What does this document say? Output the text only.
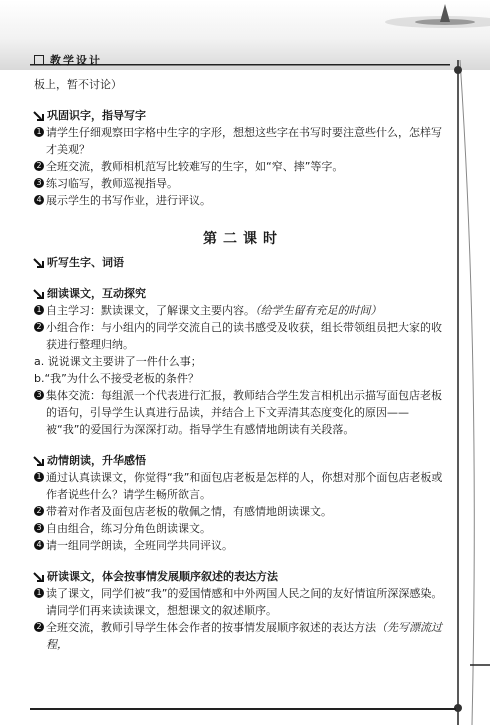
教学设计
板上，暂不讨论）
巩固识字，指导写字
1 请学生仔细观察田字格中生字的字形，想想这些字在书写时要注意些什么，怎样写才美观？
2 全班交流，教师相机范写比较难写的生字，如“窄、摔”等字。
3 练习临写，教师巡视指导。
4 展示学生的书写作业，进行评议。
第二课时
听写生字、词语
细读课文，互动探究
1 自主学习：默读课文，了解课文主要内容。（给学生留有充足的时间）
2 小组合作：与小组内的同学交流自己的读书感受及收获，组长带领组员把大家的收获进行整理归纳。
a. 说说课文主要讲了一件什么事；
b.“我”为什么不接受老板的条件？
3 集体交流：每组派一个代表进行汇报，教师结合学生发言相机出示描写面包店老板的语句，引导学生认真进行品读，并结合上下文弄清其态度变化的原因——被“我”的爱国行为深深打动。指导学生有感情地朗读有关段落。
动情朗读，升华感悟
1 通过认真读课文，你觉得“我”和面包店老板是怎样的人，你想对那个面包店老板或作者说些什么？请学生畅所欲言。
2 带着对作者及面包店老板的敬佩之情，有感情地朗读课文。
3 自由组合，练习分角色朗读课文。
4 请一组同学朗读，全班同学共同评议。
研读课文，体会按事情发展顺序叙述的表达方法
1 读了课文，同学们被“我”的爱国情感和中外两国人民之间的友好情谊所深深感染。请同学们再来读读课文，想想课文的叙述顺序。
2 全班交流，教师引导学生体会作者的按事情发展顺序叙述的表达方法（先写漂流过程，
